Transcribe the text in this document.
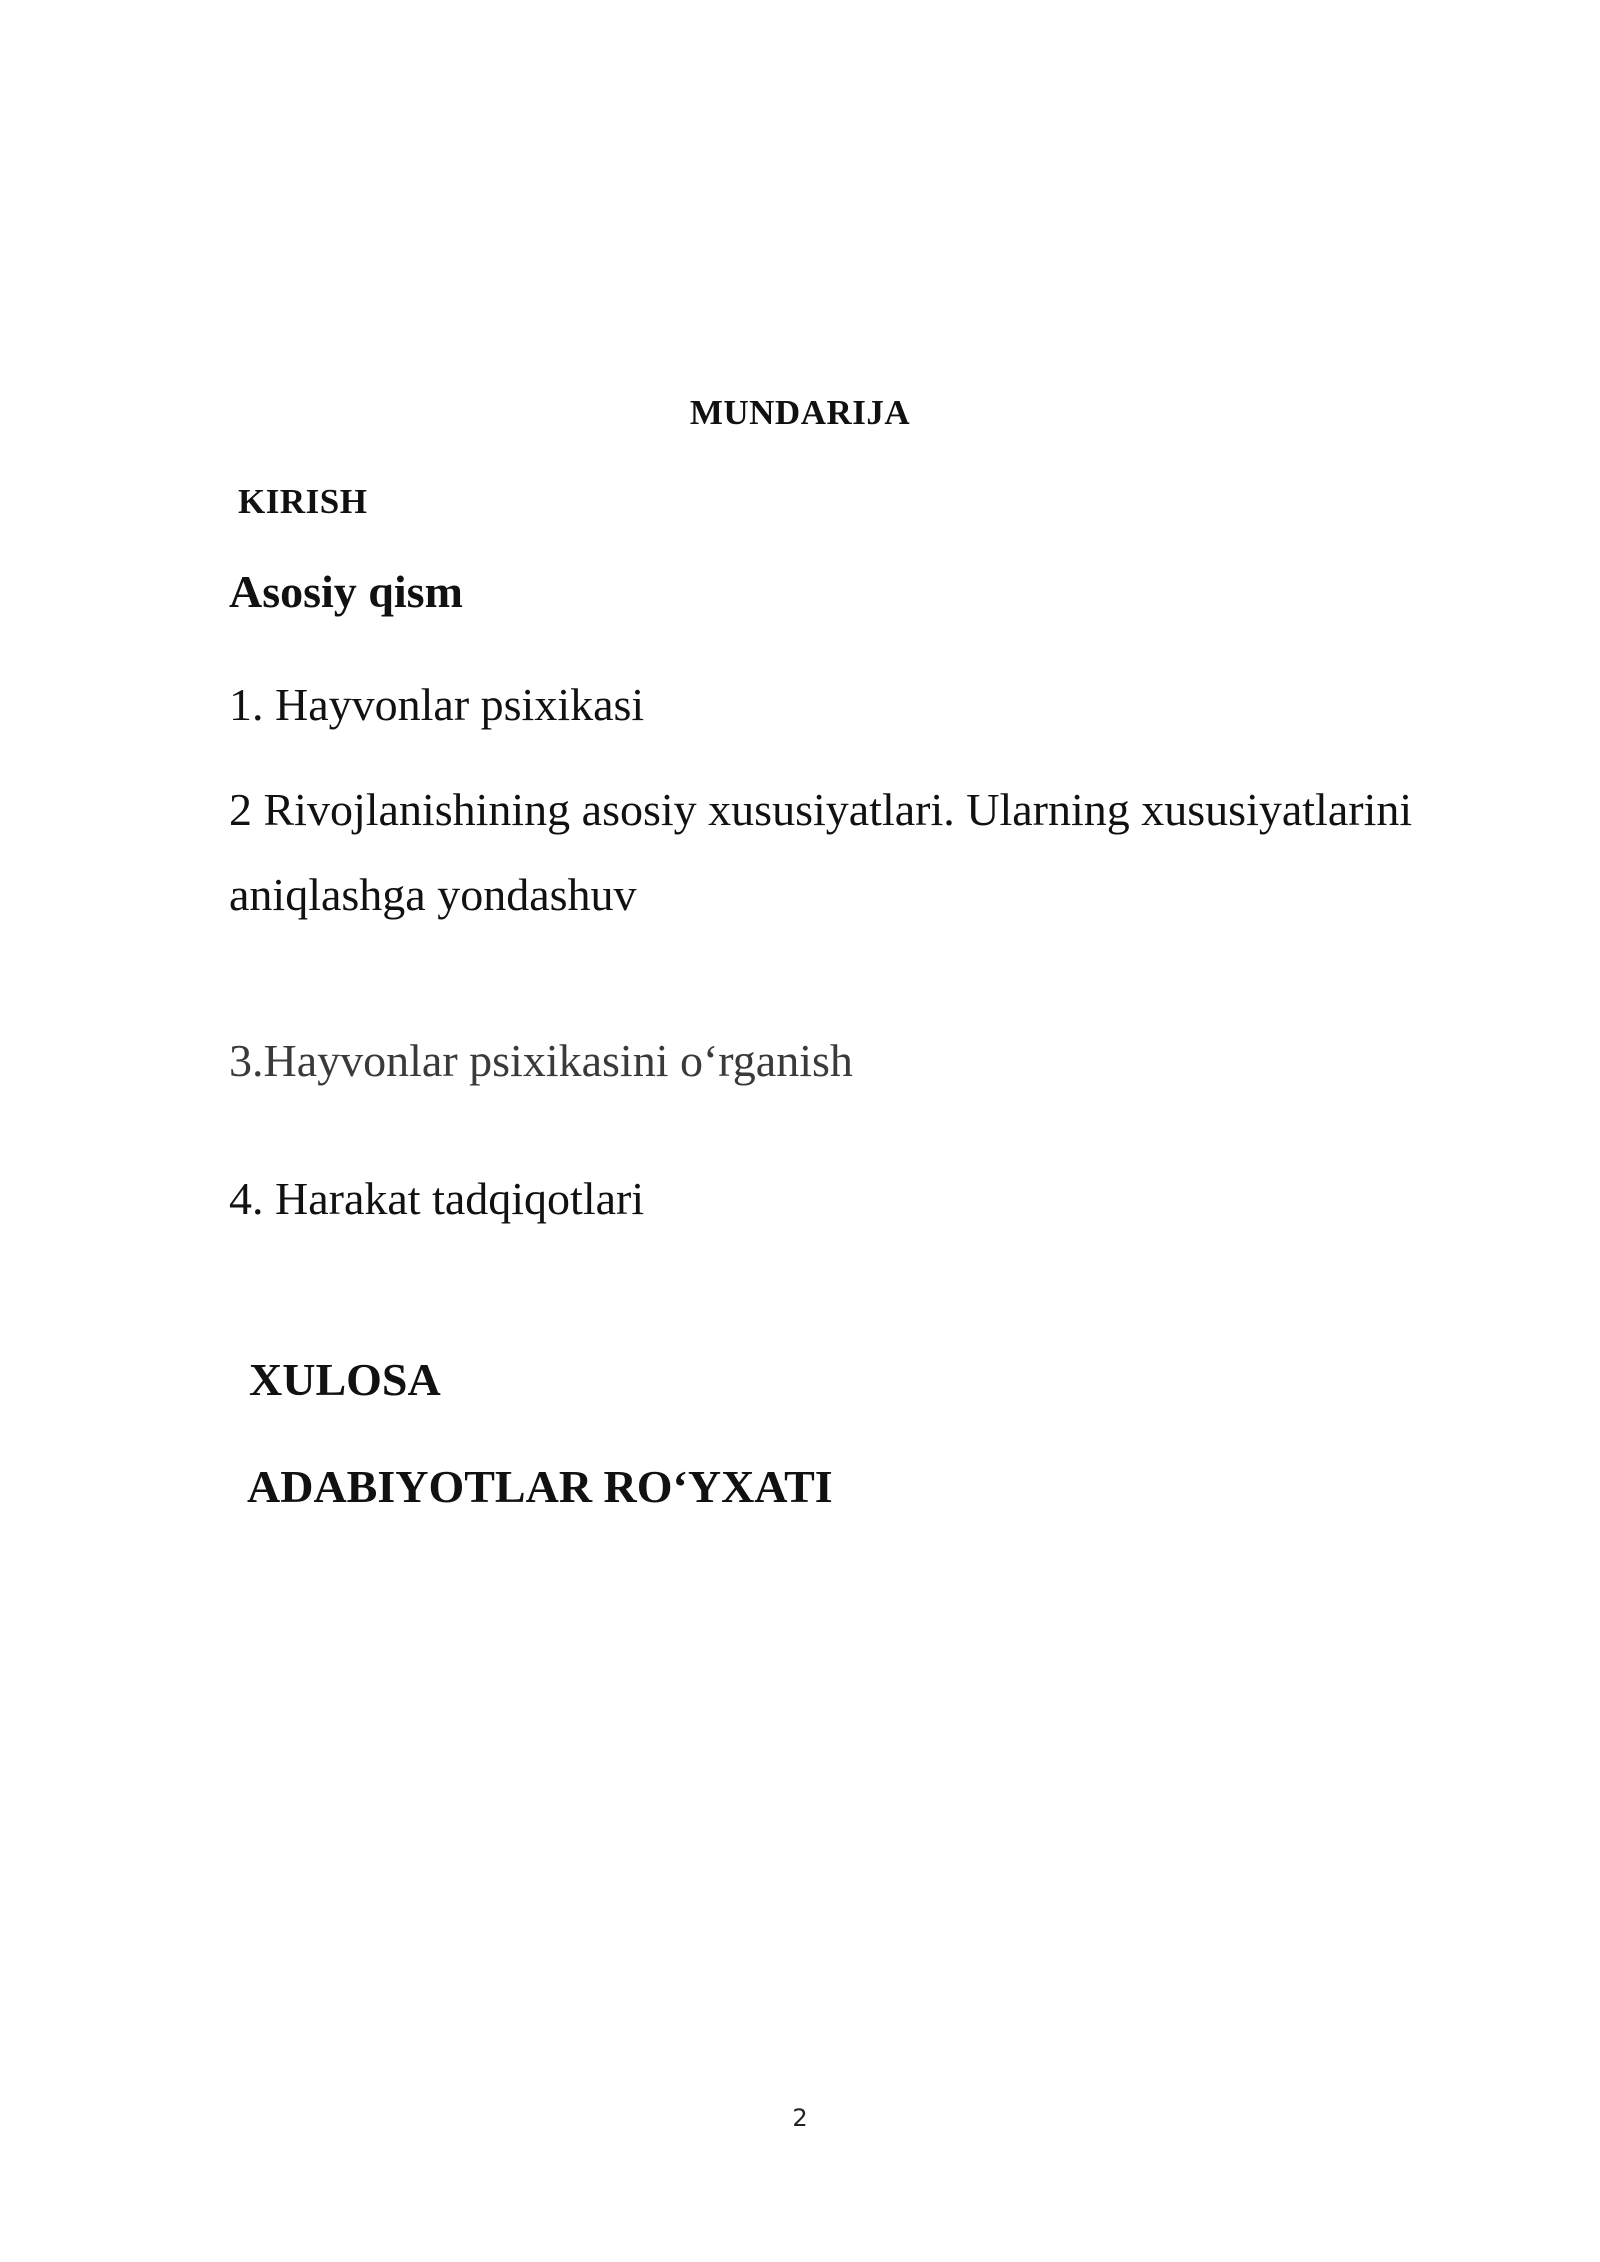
MUNDARIJA

KIRISH

Asosiy qism

1. Hayvonlar psixikasi

2 Rivojlanishining asosiy xususiyatlari. Ularning xususiyatlarini

aniqlashga yondashuv

3.Hayvonlar psixikasini o‘rganish

4. Harakat tadqiqotlari

XULOSA

ADABIYOTLAR RO‘YXATI

2
